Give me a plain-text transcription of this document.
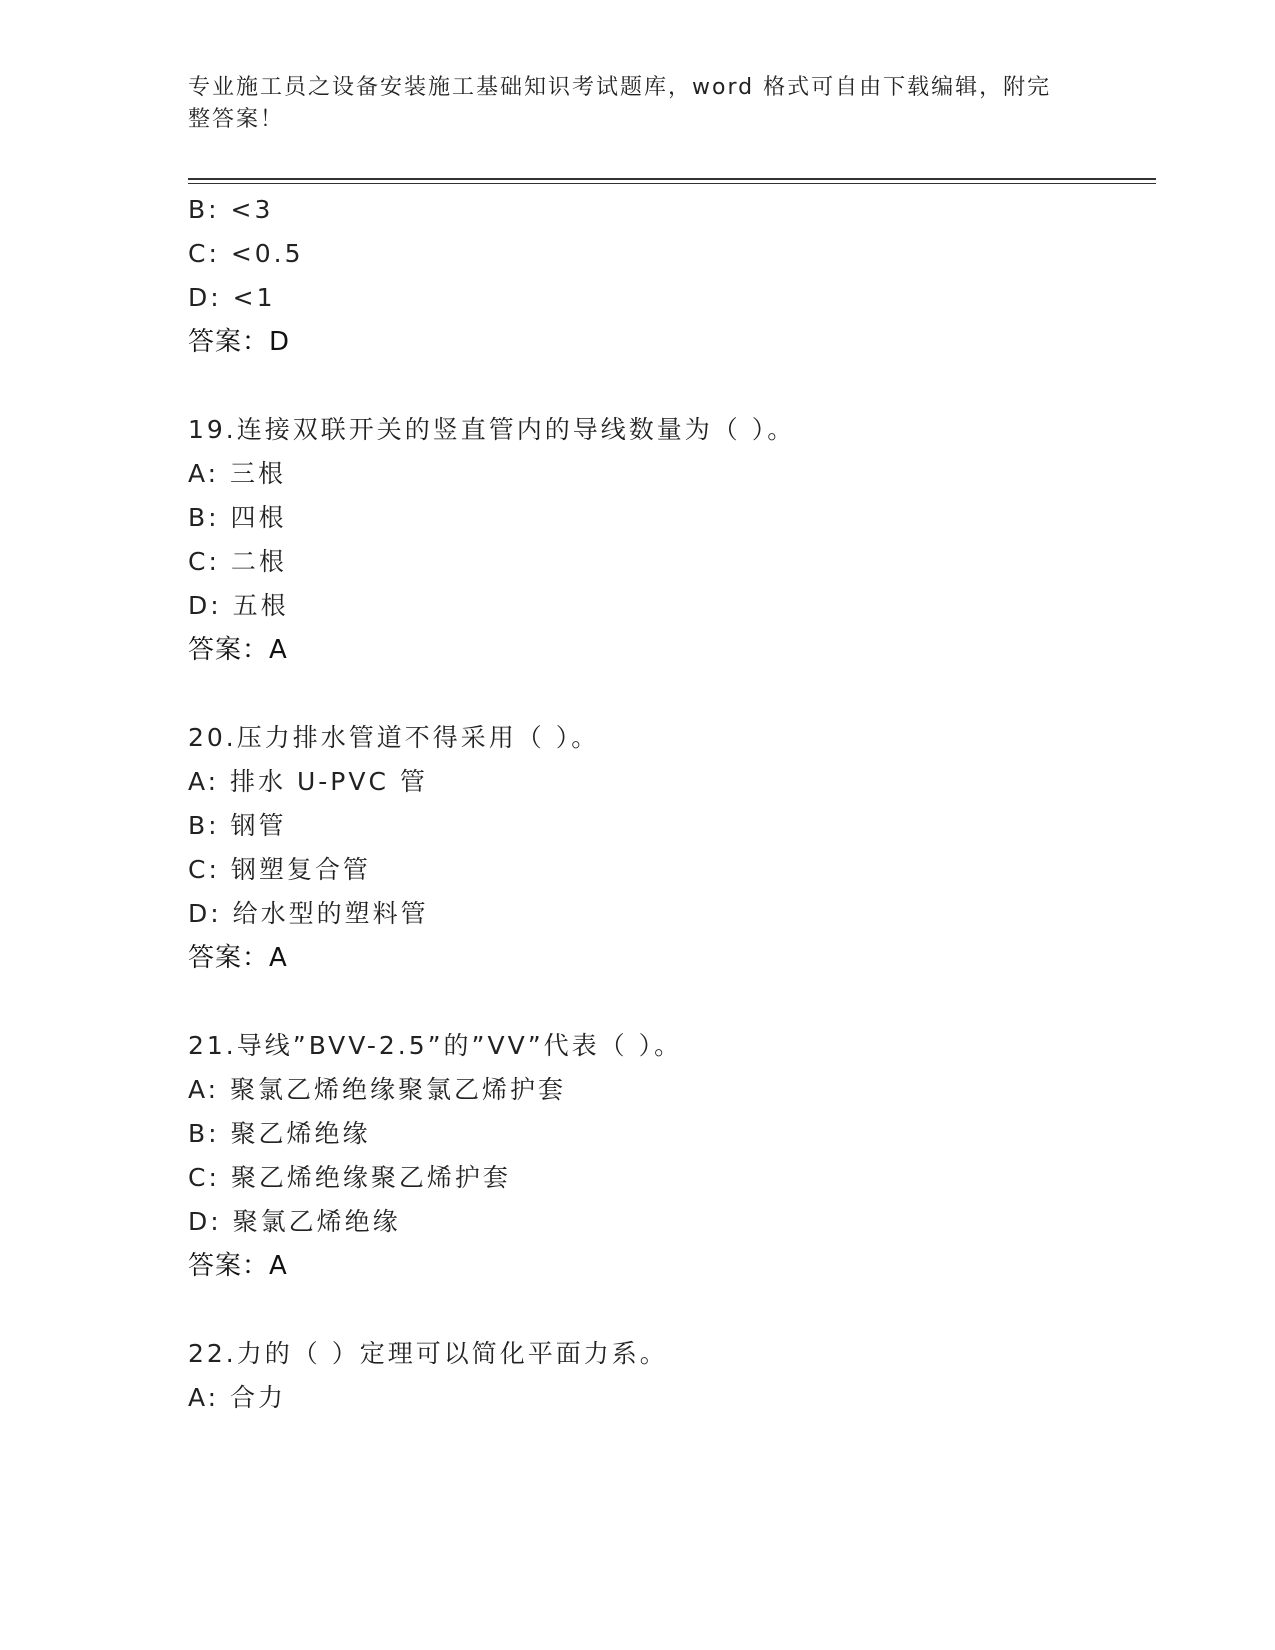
专业施工员之设备安装施工基础知识考试题库，word 格式可自由下载编辑，附完
整答案！
B: <3
C: <0.5
D: <1
答案：D
19.连接双联开关的竖直管内的导线数量为（ ）。
A: 三根
B: 四根
C: 二根
D: 五根
答案：A
20.压力排水管道不得采用（ ）。
A: 排水 U-PVC 管
B: 钢管
C: 钢塑复合管
D: 给水型的塑料管
答案：A
21.导线”BVV-2.5”的”VV”代表（ ）。
A: 聚氯乙烯绝缘聚氯乙烯护套
B: 聚乙烯绝缘
C: 聚乙烯绝缘聚乙烯护套
D: 聚氯乙烯绝缘
答案：A
22.力的（ ）定理可以简化平面力系。
A: 合力
